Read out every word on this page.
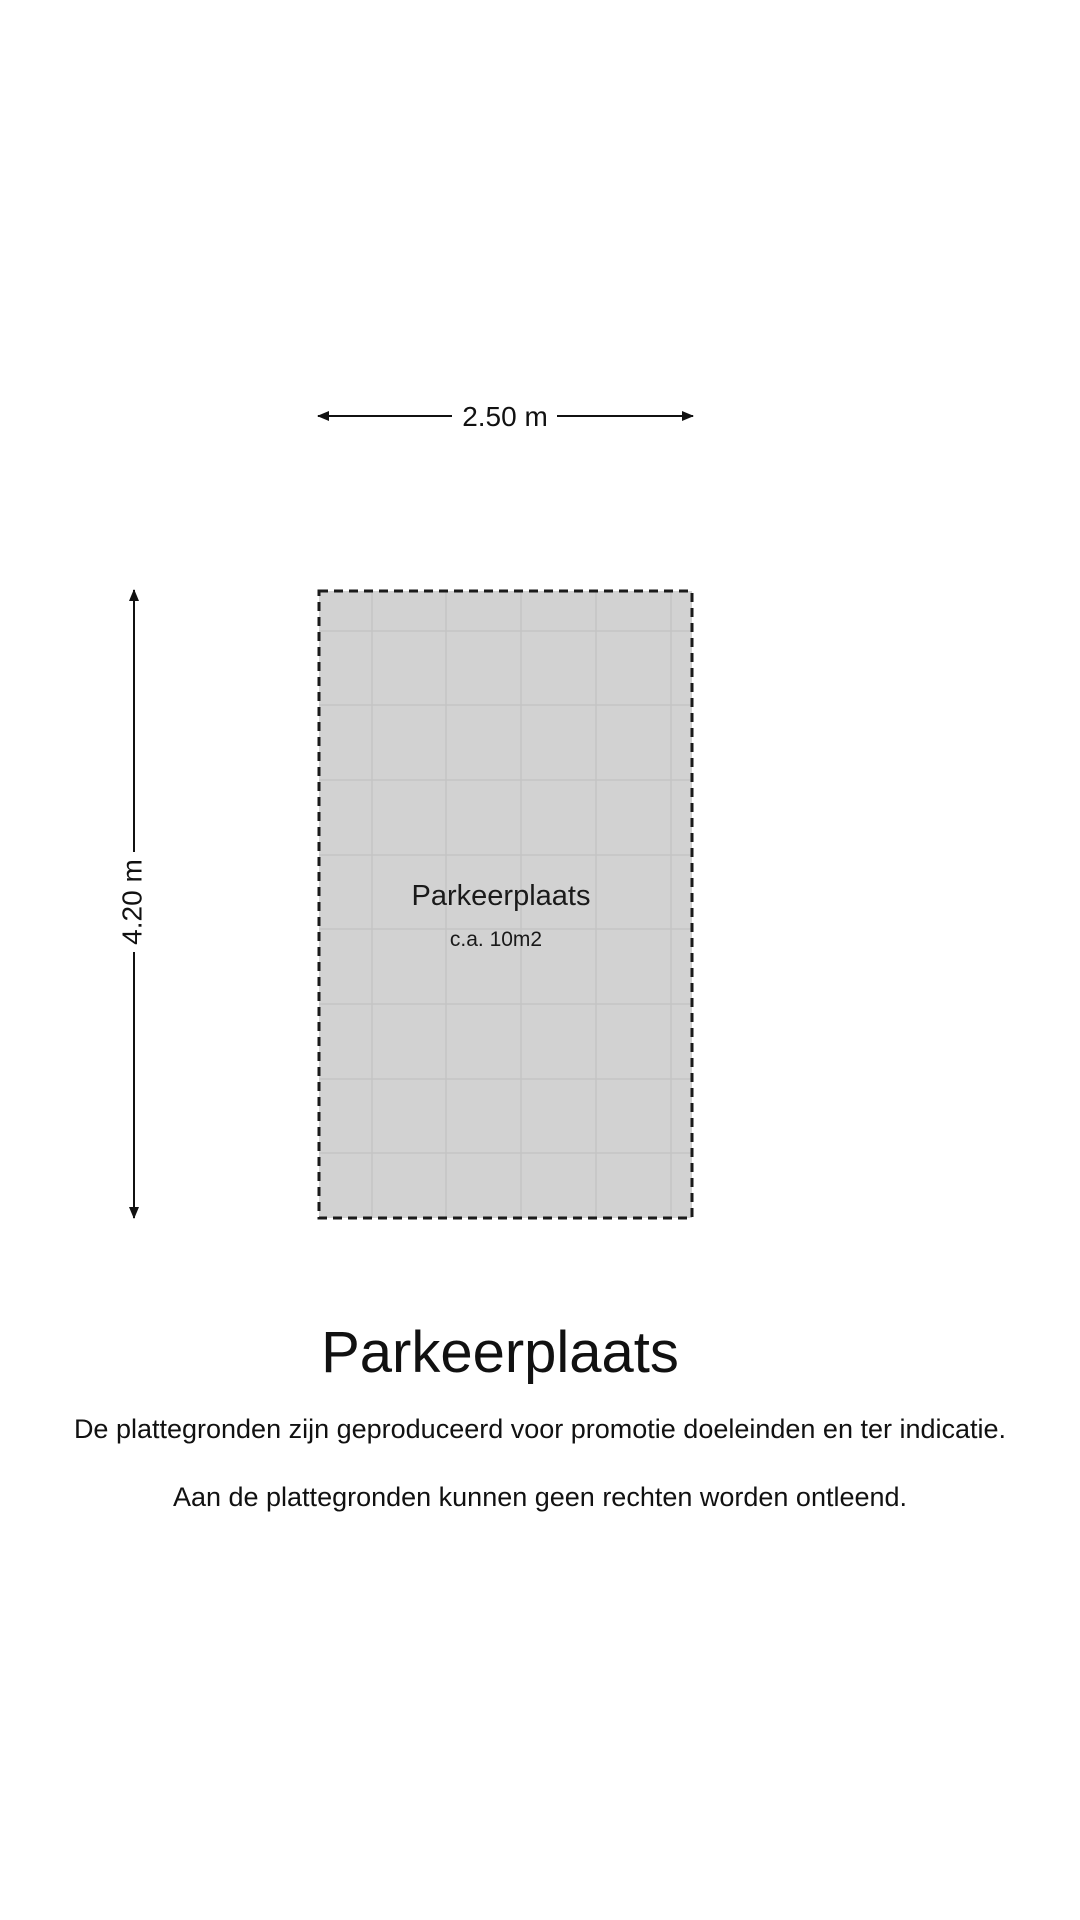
2.50 m
4.20 m	Parkeerplaats
c.a. 10m2
Parkeerplaats
De plattegronden zijn geproduceerd voor promotie doeleinden en ter indicatie.
Aan de plattegronden kunnen geen rechten worden ontleend.
